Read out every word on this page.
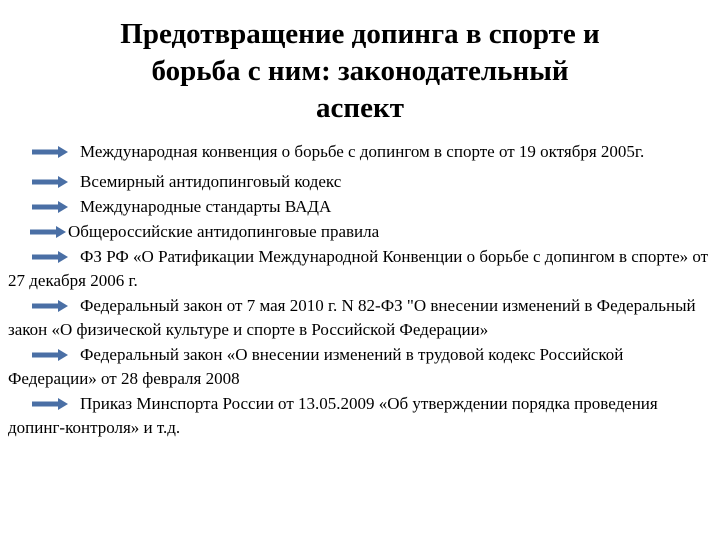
Предотвращение допинга в спорте и
борьба с ним: законодательный
аспект
Международная конвенция о борьбе с допингом в спорте от 19 октября 2005г.
Всемирный антидопинговый кодекс
Международные стандарты ВАДА
Общероссийские антидопинговые правила
ФЗ РФ «О Ратификации Международной Конвенции о борьбе с допингом в спорте» от 27 декабря 2006 г.
Федеральный закон от 7 мая 2010 г. N 82-ФЗ "О внесении изменений в Федеральный закон «О физической культуре и спорте в Российской Федерации»
Федеральный закон «О внесении изменений в трудовой кодекс Российской Федерации» от 28 февраля 2008
Приказ Минспорта России от 13.05.2009 «Об утверждении порядка проведения допинг-контроля» и т.д.
